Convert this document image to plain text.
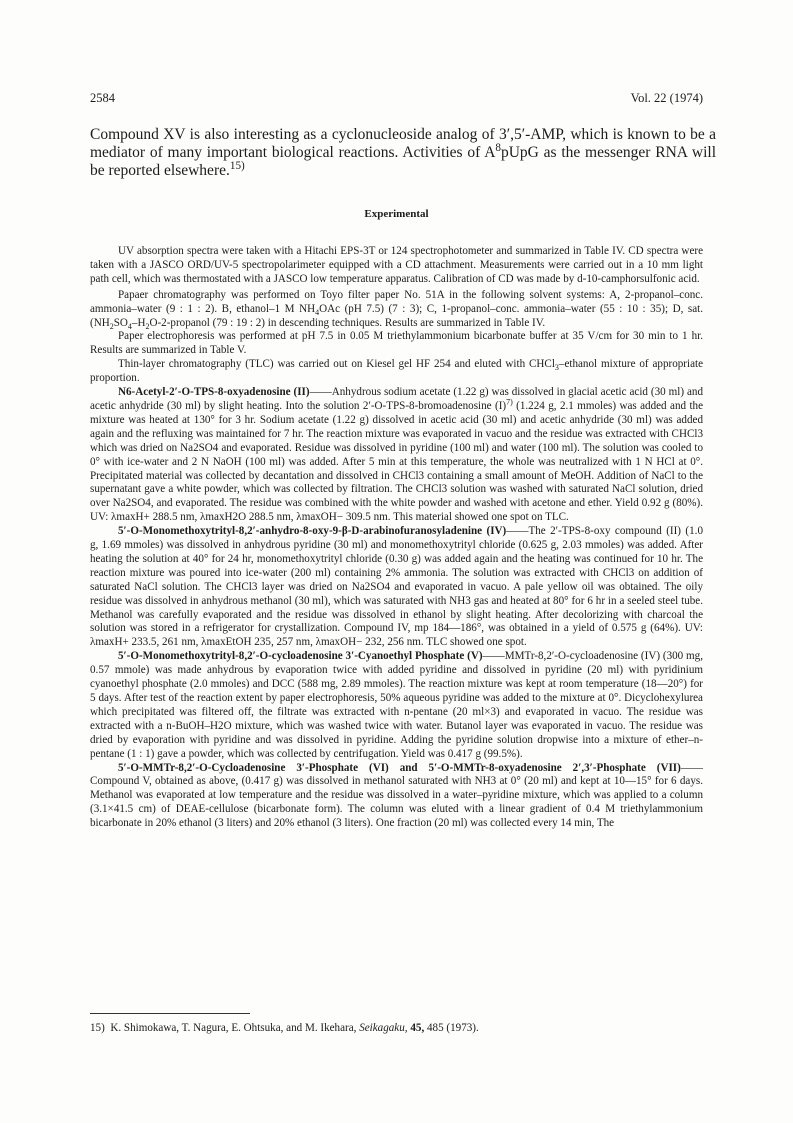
2584	Vol. 22 (1974)
Compound XV is also interesting as a cyclonucleoside analog of 3′,5′-AMP, which is known to be a mediator of many important biological reactions. Activities of $A^8pUpG$ as the messenger RNA will be reported elsewhere.$^{15)}$
Experimental

UV absorption spectra were taken with a Hitachi EPS-3T or 124 spectrophotometer and summarized in Table IV. CD spectra were taken with a JASCO ORD/UV-5 spectropolarimeter equipped with a CD attachment. Measurements were carried out in a 10 mm light path cell, which was thermostated with a JASCO low temperature apparatus. Calibration of CD was made by d-10-camphorsulfonic acid.

Papaer chromatography was performed on Toyo filter paper No. 51A in the following solvent systems: A, 2-propanol–conc. ammonia–water (9 : 1 : 2). B, ethanol–1 M $NH_4OAc$ (pH 7.5) (7 : 3); C, 1-propanol–conc. ammonia–water (55 : 10 : 35); D, $sat.(NH_2SO_4-H_2O-2$-propanol (79 : 19 : 2) in descending techniques. Results are summarized in Table IV.

Paper electrophoresis was performed at pH 7.5 in 0.05 M triethylammonium bicarbonate buffer at 35 V/cm for 30 min to 1 hr. Results are summarized in Table V.

Thin-layer chromatography (TLC) was carried out on Kiesel gel HF 254 and eluted with CHCl$_3$–ethanol mixture of appropriate proportion.

N6-Acetyl-2′-O-TPS-8-oxyadenosine (II)——Anhydrous sodium acetate (1.22 g) was dissolved in glacial acetic acid (30 ml) and acetic anhydride (30 ml) by slight heating. Into the solution 2′-O-TPS-8-bromoadenosine $(I)^{7)}$ (1.224 g, 2.1 mmoles) was added and the mixture was heated at 130° for 3 hr. Sodium acetate (1.22 g) dissolved in acetic acid (30 ml) and acetic anhydride (30 ml) was added again and the refluxing was maintained for 7 hr. The reaction mixture was evaporated in vacuo and the residue was extracted with CHCl3 which was dried on Na2SO4 and evaporated. Residue was dissolved in pyridine (100 ml) and water (100 ml). The solution was cooled to 0° with ice-water and 2 N NaOH (100 ml) was added. After 5 min at this temperature, the whole was neutralized with 1 N HCl at 0°. Precipitated material was collected by decantation and dissolved in CHCl3 containing a small amount of MeOH. Addition of NaCl to the supernatant gave a white powder, which was collected by filtration. The CHCl3 solution was washed with saturated NaCl solution, dried over Na2SO4, and evaporated. The residue was combined with the white powder and washed with acetone and ether. Yield 0.92 g (80%). UV: λmaxH+ 288.5 nm, λmaxH2O 288.5 nm, λmaxOH− 309.5 nm. This material showed one spot on TLC.

5′-O-Monomethoxytrityl-8,2′-anhydro-8-oxy-9-β-D-arabinofuranosyladenine (IV)——The 2′-TPS-8-oxy compound (II) (1.0 g, 1.69 mmoles) was dissolved in anhydrous pyridine (30 ml) and monomethoxytrityl chloride (0.625 g, 2.03 mmoles) was added. After heating the solution at 40° for 24 hr, monomethoxytrityl chloride (0.30 g) was added again and the heating was continued for 10 hr. The reaction mixture was poured into ice-water (200 ml) containing 2% ammonia. The solution was extracted with CHCl3 on addition of saturated NaCl solution. The CHCl3 layer was dried on Na2SO4 and evaporated in vacuo. A pale yellow oil was obtained. The oily residue was dissolved in anhydrous methanol (30 ml), which was saturated with NH3 gas and heated at 80° for 6 hr in a seeled steel tube. Methanol was carefully evaporated and the residue was dissolved in ethanol by slight heating. After decolorizing with charcoal the solution was stored in a refrigerator for crystallization. Compound IV, mp 184—186°, was obtained in a yield of 0.575 g (64%). UV: λmaxH+ 233.5, 261 nm, λmaxEtOH 235, 257 nm, λmaxOH− 232, 256 nm. TLC showed one spot.

5′-O-Monomethoxytrityl-8,2′-O-cycloadenosine 3′-Cyanoethyl Phosphate (V)——MMTr-8,2′-O-cycloadenosine (IV) (300 mg, 0.57 mmole) was made anhydrous by evaporation twice with added pyridine and dissolved in pyridine (20 ml) with pyridinium cyanoethyl phosphate (2.0 mmoles) and DCC (588 mg, 2.89 mmoles). The reaction mixture was kept at room temperature (18—20°) for 5 days. After test of the reaction extent by paper electrophoresis, 50% aqueous pyridine was added to the mixture at 0°. Dicyclohexylurea which precipitated was filtered off, the filtrate was extracted with n-pentane (20 ml×3) and evaporated in vacuo. The residue was extracted with a n-BuOH–H2O mixture, which was washed twice with water. Butanol layer was evaporated in vacuo. The residue was dried by evaporation with pyridine and was dissolved in pyridine. Adding the pyridine solution dropwise into a mixture of ether–n-pentane (1 : 1) gave a powder, which was collected by centrifugation. Yield was 0.417 g (99.5%).

5′-O-MMTr-8,2′-O-Cycloadenosine 3′-Phosphate (VI) and 5′-O-MMTr-8-oxyadenosine 2′,3′-Phosphate (VII)——Compound V, obtained as above, (0.417 g) was dissolved in methanol saturated with NH3 at 0° (20 ml) and kept at 10—15° for 6 days. Methanol was evaporated at low temperature and the residue was dissolved in a water–pyridine mixture, which was applied to a column (3.1×41.5 cm) of DEAE-cellulose (bicarbonate form). The column was eluted with a linear gradient of 0.4 M triethylammonium bicarbonate in 20% ethanol (3 liters) and 20% ethanol (3 liters). One fraction (20 ml) was collected every 14 min, The

15) K. Shimokawa, T. Nagura, E. Ohtsuka, and M. Ikehara, Seikagaku, 45, 485 (1973).
